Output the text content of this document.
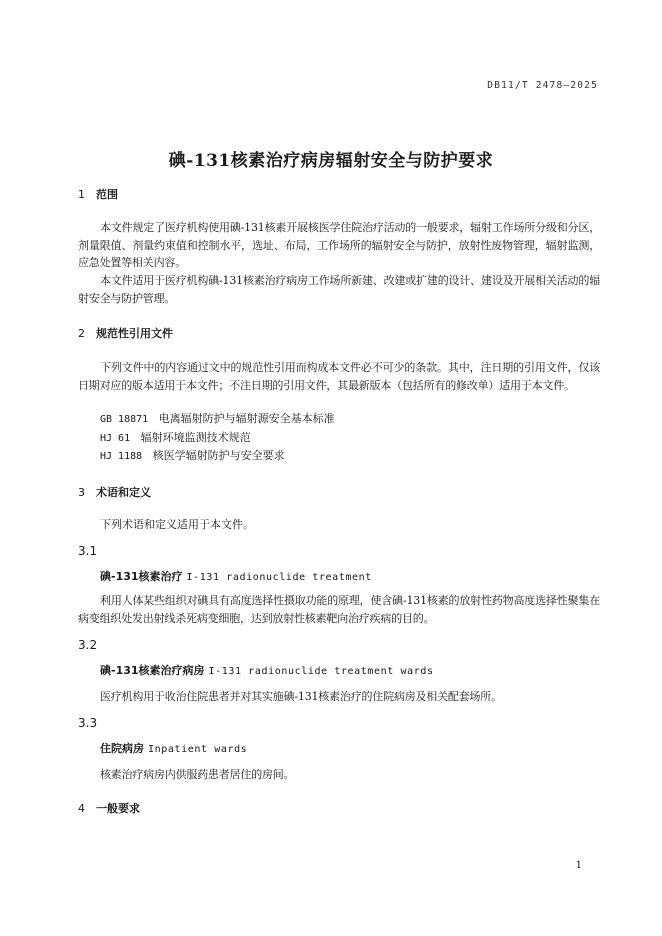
DB11/T 2478—2025
碘-131核素治疗病房辐射安全与防护要求
1 范围
本文件规定了医疗机构使用碘-131核素开展核医学住院治疗活动的一般要求，辐射工作场所分级和分区，剂量限值、剂量约束值和控制水平，选址、布局，工作场所的辐射安全与防护，放射性废物管理，辐射监测，应急处置等相关内容。
本文件适用于医疗机构碘-131核素治疗病房工作场所新建、改建或扩建的设计、建设及开展相关活动的辐射安全与防护管理。
2 规范性引用文件
下列文件中的内容通过文中的规范性引用而构成本文件必不可少的条款。其中，注日期的引用文件，仅该日期对应的版本适用于本文件；不注日期的引用文件，其最新版本（包括所有的修改单）适用于本文件。
GB 18871 电离辐射防护与辐射源安全基本标准
HJ 61 辐射环境监测技术规范
HJ 1188 核医学辐射防护与安全要求
3 术语和定义
下列术语和定义适用于本文件。
3.1
碘-131核素治疗 I-131 radionuclide treatment
利用人体某些组织对碘具有高度选择性摄取功能的原理，使含碘-131核素的放射性药物高度选择性聚集在病变组织处发出射线杀死病变细胞，达到放射性核素靶向治疗疾病的目的。
3.2
碘-131核素治疗病房 I-131 radionuclide treatment wards
医疗机构用于收治住院患者并对其实施碘-131核素治疗的住院病房及相关配套场所。
3.3
住院病房 Inpatient wards
核素治疗病房内供服药患者居住的房间。
4 一般要求
1
